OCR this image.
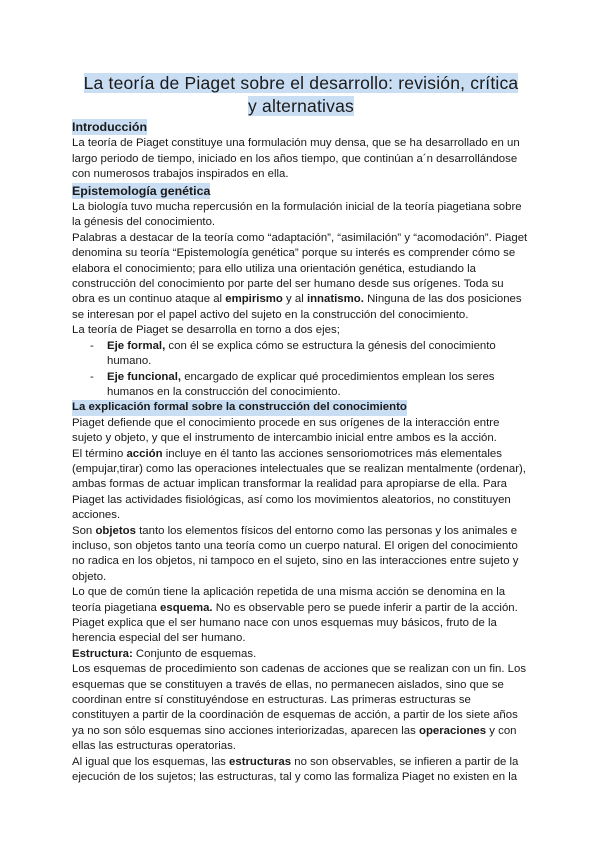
La teoría de Piaget sobre el desarrollo: revisión, crítica
y alternativas
Introducción

La teoría de Piaget constituye una formulación muy densa, que se ha desarrollado en un largo periodo de tiempo, iniciado en los años tiempo, que continúan a´n desarrollándose con numerosos trabajos inspirados en ella.

Epistemología genética

La biología tuvo mucha repercusión en la formulación inicial de la teoría piagetiana sobre la génesis del conocimiento.

Palabras a destacar de la teoría como “adaptación”, “asimilación” y “acomodación”. Piaget denomina su teoría “Epistemología genética” porque su interés es comprender cómo se elabora el conocimiento; para ello utiliza una orientación genética, estudiando la construcción del conocimiento por parte del ser humano desde sus orígenes. Toda su obra es un continuo ataque al empirismo y al innatismo. Ninguna de las dos posiciones se interesan por el papel activo del sujeto en la construcción del conocimiento.

La teoría de Piaget se desarrolla en torno a dos ejes;

- Eje formal, con él se explica cómo se estructura la génesis del conocimiento humano.
- Eje funcional, encargado de explicar qué procedimientos emplean los seres humanos en la construcción del conocimiento.
La explicación formal sobre la construcción del conocimiento

Piaget defiende que el conocimiento procede en sus orígenes de la interacción entre sujeto y objeto, y que el instrumento de intercambio inicial entre ambos es la acción.

El término acción incluye en él tanto las acciones sensoriomotrices más elementales (empujar,tirar) como las operaciones intelectuales que se realizan mentalmente (ordenar), ambas formas de actuar implican transformar la realidad para apropiarse de ella. Para Piaget las actividades fisiológicas, así como los movimientos aleatorios, no constituyen acciones.

Son objetos tanto los elementos físicos del entorno como las personas y los animales e incluso, son objetos tanto una teoría como un cuerpo natural. El origen del conocimiento no radica en los objetos, ni tampoco en el sujeto, sino en las interacciones entre sujeto y objeto.

Lo que de común tiene la aplicación repetida de una misma acción se denomina en la teoría piagetiana esquema. No es observable pero se puede inferir a partir de la acción. Piaget explica que el ser humano nace con unos esquemas muy básicos, fruto de la herencia especial del ser humano.

Estructura: Conjunto de esquemas.

Los esquemas de procedimiento son cadenas de acciones que se realizan con un fin. Los esquemas que se constituyen a través de ellas, no permanecen aislados, sino que se coordinan entre sí constituyéndose en estructuras. Las primeras estructuras se constituyen a partir de la coordinación de esquemas de acción, a partir de los siete años ya no son sólo esquemas sino acciones interiorizadas, aparecen las operaciones y con ellas las estructuras operatorias.

Al igual que los esquemas, las estructuras no son observables, se infieren a partir de la ejecución de los sujetos; las estructuras, tal y como las formaliza Piaget no existen en la
